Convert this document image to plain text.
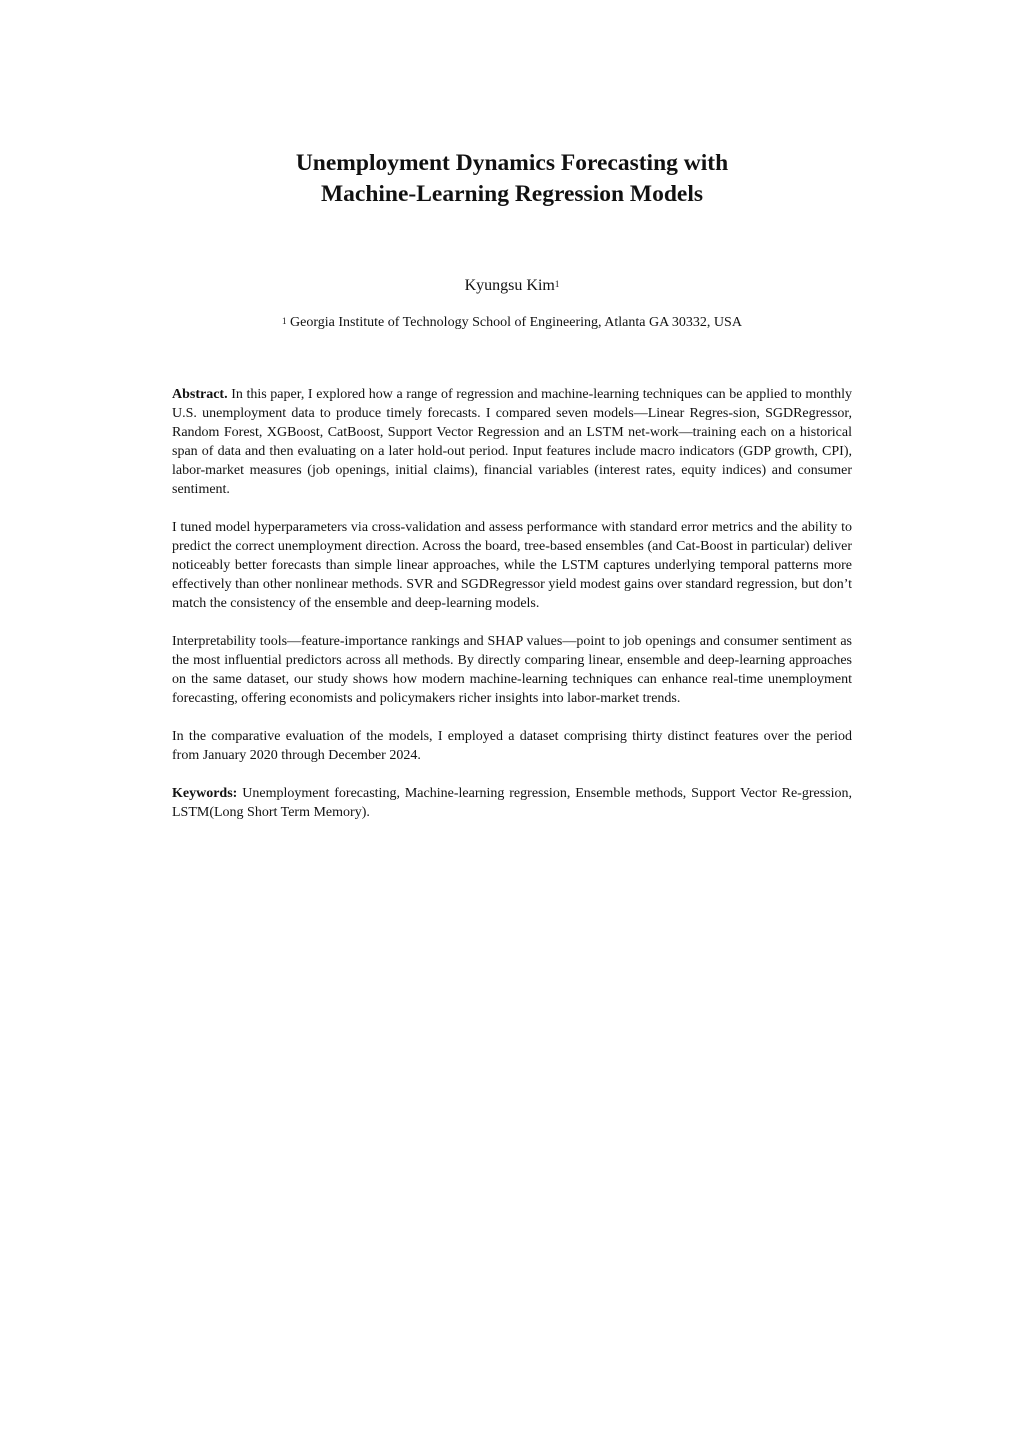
Unemployment Dynamics Forecasting with
Machine-Learning Regression Models
Kyungsu Kim$^1$
$^1$ Georgia Institute of Technology School of Engineering, Atlanta GA 30332, USA

Abstract. In this paper, I explored how a range of regression and machine-learning techniques can be applied to monthly U.S. unemployment data to produce timely forecasts. I compared seven models—Linear Regres-sion, SGDRegressor, Random Forest, XGBoost, CatBoost, Support Vector Regression and an LSTM net-work—training each on a historical span of data and then evaluating on a later hold-out period. Input features include macro indicators (GDP growth, CPI), labor-market measures (job openings, initial claims), financial variables (interest rates, equity indices) and consumer sentiment.

I tuned model hyperparameters via cross-validation and assess performance with standard error metrics and the ability to predict the correct unemployment direction. Across the board, tree-based ensembles (and Cat-Boost in particular) deliver noticeably better forecasts than simple linear approaches, while the LSTM captures underlying temporal patterns more effectively than other nonlinear methods. SVR and SGDRegressor yield modest gains over standard regression, but don’t match the consistency of the ensemble and deep-learning models.

Interpretability tools—feature-importance rankings and SHAP values—point to job openings and consumer sentiment as the most influential predictors across all methods. By directly comparing linear, ensemble and deep-learning approaches on the same dataset, our study shows how modern machine-learning techniques can enhance real-time unemployment forecasting, offering economists and policymakers richer insights into labor-market trends.

In the comparative evaluation of the models, I employed a dataset comprising thirty distinct features over the period from January 2020 through December 2024.

Keywords: Unemployment forecasting, Machine-learning regression, Ensemble methods, Support Vector Re-gression, LSTM(Long Short Term Memory).
